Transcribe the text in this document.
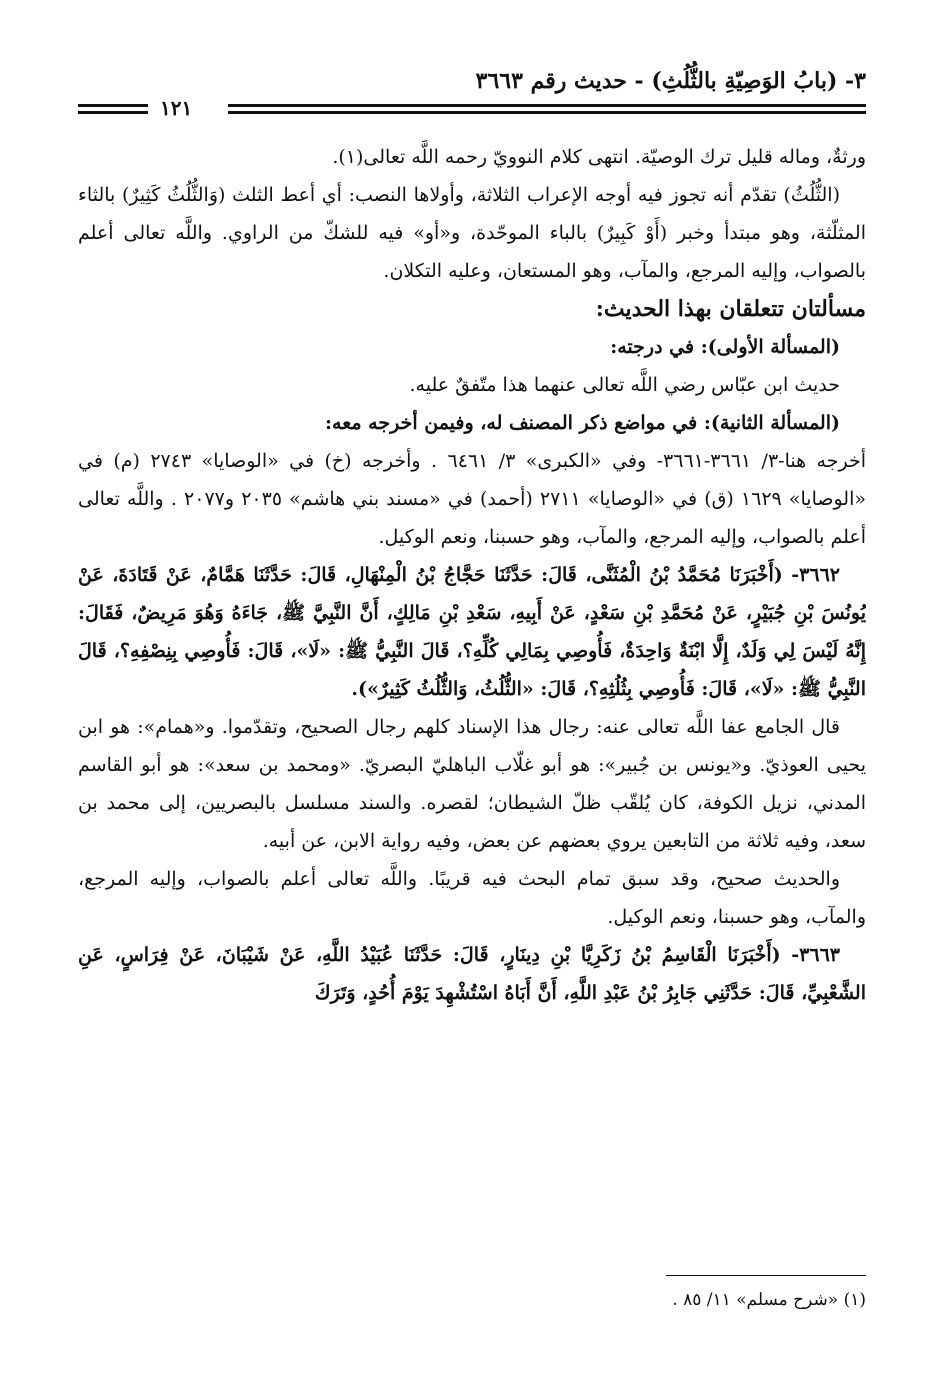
٣- (بابُ الوَصِيّةِ بالثُّلُثِ) - حديث رقم ٣٦٦٣
١٢١

ورثةٌ، وماله قليل ترك الوصيّة. انتهى كلام النوويّ رحمه اللَّه تعالى(١).

(الثُّلُثُ) تقدّم أنه تجوز فيه أوجه الإعراب الثلاثة، وأولاها النصب: أي أعط الثلث (وَالثُّلُثُ كَثِيرٌ) بالثاء المثلّثة، وهو مبتدأ وخبر (أَوْ كَبِيرٌ) بالباء الموحّدة، و«أو» فيه للشكّ من الراوي. واللَّه تعالى أعلم بالصواب، وإليه المرجع، والمآب، وهو المستعان، وعليه التكلان.

مسألتان تتعلقان بهذا الحديث:

(المسألة الأولى): في درجته:

حديث ابن عبّاس رضي اللَّه تعالى عنهما هذا متّفقٌ عليه.

(المسألة الثانية): في مواضع ذكر المصنف له، وفيمن أخرجه معه:

أخرجه هنا-٣/ ٣٦٦١-٣٦٦١- وفي «الكبرى» ٣/ ٦٤٦١ . وأخرجه (خ) في «الوصايا» ٢٧٤٣ (م) في «الوصايا» ١٦٢٩ (ق) في «الوصايا» ٢٧١١ (أحمد) في «مسند بني هاشم» ٢٠٣٥ و٢٠٧٧ . واللَّه تعالى أعلم بالصواب، وإليه المرجع، والمآب، وهو حسبنا، ونعم الوكيل.

٣٦٦٢- (أَخْبَرَنَا مُحَمَّدُ بْنُ الْمُثَنَّى، قَالَ: حَدَّثَنَا حَجَّاجُ بْنُ الْمِنْهَالِ، قَالَ: حَدَّثَنَا هَمَّامٌ، عَنْ قَتَادَةَ، عَنْ يُونُسَ بْنِ جُبَيْرٍ، عَنْ مُحَمَّدِ بْنِ سَعْدٍ، عَنْ أَبِيهِ، سَعْدِ بْنِ مَالِكٍ، أَنَّ النَّبِيَّ ﷺ، جَاءَهُ وَهُوَ مَرِيضٌ، فَقَالَ: إِنَّهُ لَيْسَ لِي وَلَدٌ، إِلَّا ابْنَةٌ وَاحِدَةٌ، فَأُوصِي بِمَالِي كُلِّهِ؟، قَالَ النَّبِيُّ ﷺ: «لَا»، قَالَ: فَأُوصِي بِنِصْفِهِ؟، قَالَ النَّبِيُّ ﷺ: «لَا»، قَالَ: فَأُوصِي بِثُلُثِهِ؟، قَالَ: «الثُّلُثُ، وَالثُّلُثُ كَثِيرٌ»).

قال الجامع عفا اللَّه تعالى عنه: رجال هذا الإسناد كلهم رجال الصحيح، وتقدّموا. و«همام»: هو ابن يحيى العوذيّ. و«يونس بن جُبير»: هو أبو غلّاب الباهليّ البصريّ. «ومحمد بن سعد»: هو أبو القاسم المدني، نزيل الكوفة، كان يُلقّب ظلّ الشيطان؛ لقصره. والسند مسلسل بالبصريين، إلى محمد بن سعد، وفيه ثلاثة من التابعين يروي بعضهم عن بعض، وفيه رواية الابن، عن أبيه.

والحديث صحيح، وقد سبق تمام البحث فيه قريبًا. واللَّه تعالى أعلم بالصواب، وإليه المرجع، والمآب، وهو حسبنا، ونعم الوكيل.

٣٦٦٣- (أَخْبَرَنَا الْقَاسِمُ بْنُ زَكَرِيَّا بْنِ دِينَارٍ، قَالَ: حَدَّثَنَا عُبَيْدُ اللَّهِ، عَنْ شَيْبَانَ، عَنْ فِرَاسٍ، عَنِ الشَّعْبِيِّ، قَالَ: حَدَّثَنِي جَابِرُ بْنُ عَبْدِ اللَّهِ، أَنَّ أَبَاهُ اسْتُشْهِدَ يَوْمَ أُحُدٍ، وَتَرَكَ

(١) «شرح مسلم» ١١/ ٨٥ .
